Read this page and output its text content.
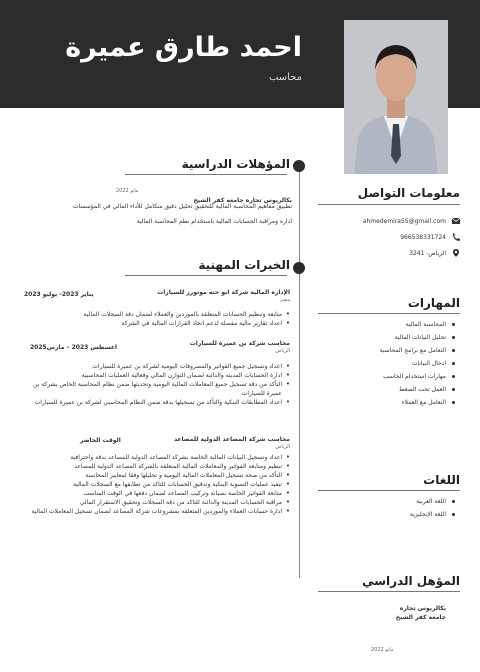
احمد طارق عميرة
محاسب
المؤهلات الدراسية
بكالريوس تجاره جامعه كفر الشيخ
مايو 2022
تطبيق مفاهيم المحاسبة المالية للتحقيق تحليل دقيق متكامل للأداء المالي في المؤسسات
اداره ومراقبة الحسابات المالية باستخدام نظم المحاسبة المالية
الخبرات المهنية
الإداره المالية شركة ابو حنه موتورز للسيارات
مصر
يناير 2023- يوليو 2023
متابعة وتنظيم الحسابات المتعلقة بالموردين والعملاء لضمان دقة السجلات المالية •
اعداد تقارير مالية مفصلة لدعم اتخاذ القرارات المالية في الشركة •
محاسب شركة بن عميرة للسيارات
الرياض
اغسطس 2023 – مارس2025
اعداد وتسجيل جميع القواتير والمصروفات اليومية لشركة بن عميرة للسيارات •
ادارة الحسابات المدينه والدائنة لضمان التوازن المالي وفعالية العمليات المحاسبية •
التأكد من دقة تسجيل جميع المعاملات المالية اليومية وتحديثها ضمن نظام المحاسبة الخاص بشركة بن عميرة للسيارات •
اعداد المطابقات البنكية والتأكد من تسجيلها بدقة ضمن النظام المحاسبي لشركة بن عميرة للسيارات •
محاسب شركة المصاعد الدولية للمصاعد
الرياض
الوقت الحاضر
اعداد وتسجيل البيانات المالية الخاصة بشركة المصاعد الدولية للمصاعد بدقة واحترافية •
تنظيم ومتابعة الفواتير والمعاملات المالية المتعلقة بالشركة المصاعد الدولية للمصاعد •
التأكد من صحة تسجيل المعاملات المالية اليومية و تحليلها وفقا لمعايير المحاسبة •
تنفيذ عمليات التسوية البنكية وتدقيق الحسابات للتاكد من تطابقها مع السجلات المالية •
متابعة الفواتير الخاصة بصيانة وتركيب المصاعد لضمان دفعها في الوقت المناسب •
مراقبة الحسابات المدينة والدائنة للتاكد من دقة السجلات وتحقيق الاستقرار المالي •
ادارة حسابات العملاء والموردين المتعلقة بمشروعات شركة المصاعد لضمان تسجيل المعاملات المالية •
معلومات التواصل
ahmedemira55@gmail.com
966538331724
الرياض- 3241
المهارات
المحاسبة المالية
تحليل البيانات المالية
التعامل مع برامج المحاسبة
ادخال البيانات
مهارات استخدام الحاسب
العمل تحت الضغط
التعامل مع العملاء
اللغات
اللغة العربية
اللغة الإنجليزية
المؤهل الدراسي
بكالريوس تجاره
جامعة كفر الشيخ
مايو 2022
